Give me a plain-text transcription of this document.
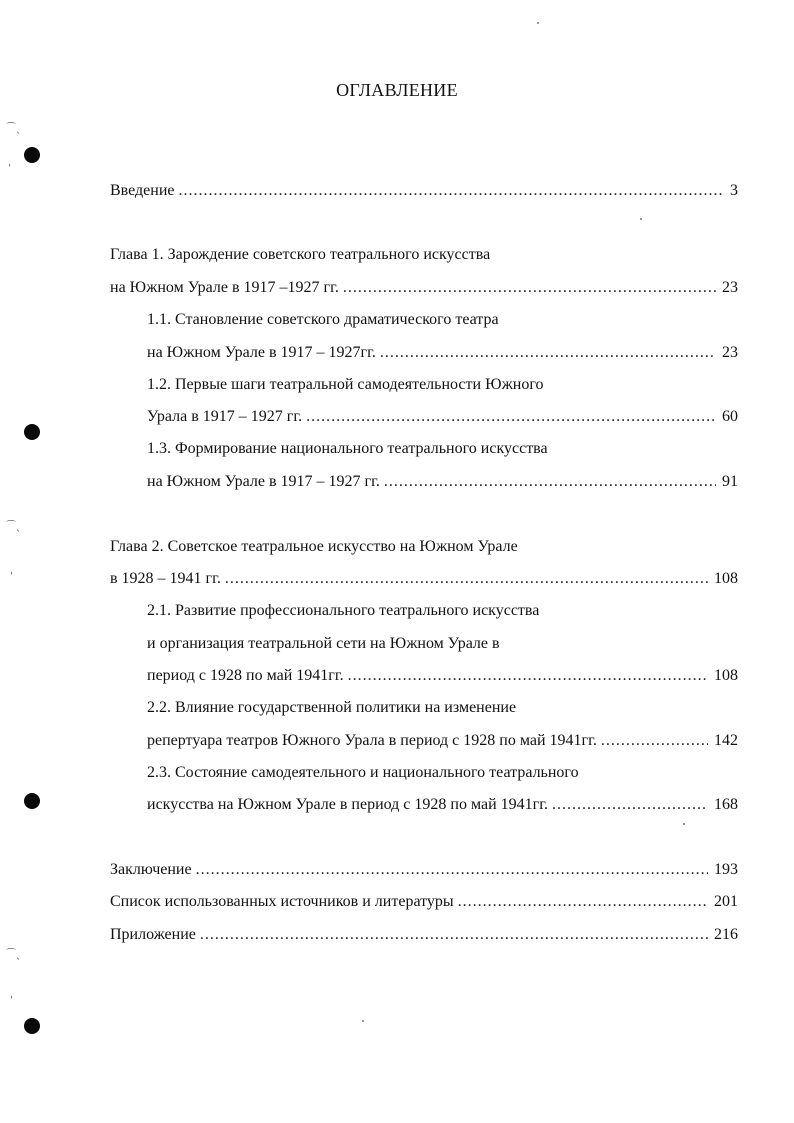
⌒ˎ
ˌ
⌒ˎ
ˌ
⌒ˎ
ˌ
ОГЛАВЛЕНИЕ
Введение .....	3
Глава 1. Зарождение советского театрального искусства
на Южном Урале в 1917 –1927 гг. .....	23
1.1. Становление советского драматического театра
на Южном Урале в 1917 – 1927гг. .....	23
1.2. Первые шаги театральной самодеятельности Южного
Урала в 1917 – 1927 гг. .....	60
1.3. Формирование национального театрального искусства
на Южном Урале в 1917 – 1927 гг. .....	91
Глава 2. Советское театральное искусство на Южном Урале
в 1928 – 1941 гг. .....	108
2.1. Развитие профессионального театрального искусства
и организация театральной сети на Южном Урале в
период с 1928 по май 1941гг. .....	108
2.2. Влияние государственной политики на изменение
репертуара театров Южного Урала в период с 1928 по май 1941гг. .....	142
2.3. Состояние самодеятельного и национального театрального
искусства на Южном Урале в период с 1928 по май 1941гг. .....	168
Заключение .....	193
Список использованных источников и литературы .....	201
Приложение .....	216
